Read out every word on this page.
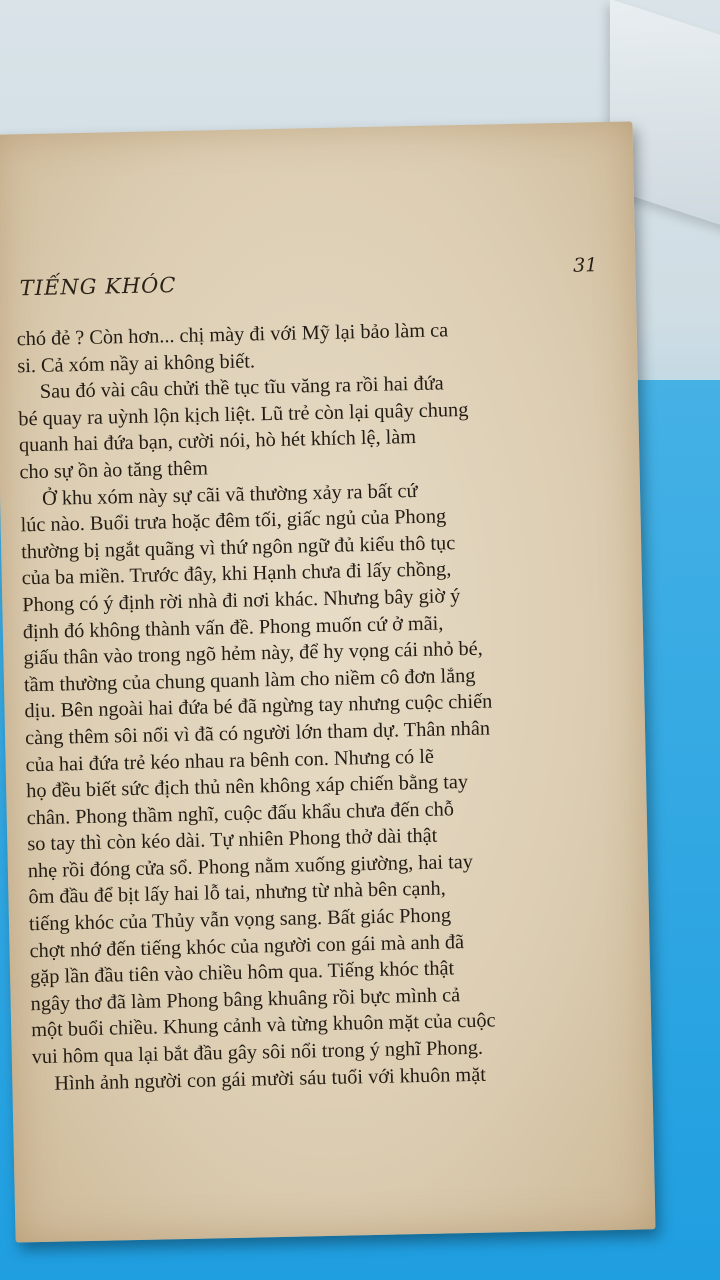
TIẾNG KHÓC
31
chó đẻ ? Còn hơn... chị mày đi với Mỹ lại bảo làm ca
si. Cả xóm nầy ai không biết.
Sau đó vài câu chửi thề tục tĩu văng ra rồi hai đứa
bé quay ra uỳnh lộn kịch liệt. Lũ trẻ còn lại quây chung
quanh hai đứa bạn, cười nói, hò hét khích lệ, làm
cho sự ồn ào tăng thêm
Ở khu xóm này sự cãi vã thường xảy ra bất cứ
lúc nào. Buổi trưa hoặc đêm tối, giấc ngủ của Phong
thường bị ngắt quãng vì thứ ngôn ngữ đủ kiểu thô tục
của ba miền. Trước đây, khi Hạnh chưa đi lấy chồng,
Phong có ý định rời nhà đi nơi khác. Nhưng bây giờ ý
định đó không thành vấn đề. Phong muốn cứ ở mãi,
giấu thân vào trong ngõ hẻm này, để hy vọng cái nhỏ bé,
tầm thường của chung quanh làm cho niềm cô đơn lắng
dịu. Bên ngoài hai đứa bé đã ngừng tay nhưng cuộc chiến
càng thêm sôi nổi vì đã có người lớn tham dự. Thân nhân
của hai đứa trẻ kéo nhau ra bênh con. Nhưng có lẽ
họ đều biết sức địch thủ nên không xáp chiến bằng tay
chân. Phong thầm nghĩ, cuộc đấu khẩu chưa đến chỗ
so tay thì còn kéo dài. Tự nhiên Phong thở dài thật
nhẹ rồi đóng cửa sổ. Phong nằm xuống giường, hai tay
ôm đầu để bịt lấy hai lỗ tai, nhưng từ nhà bên cạnh,
tiếng khóc của Thủy vẫn vọng sang. Bất giác Phong
chợt nhớ đến tiếng khóc của người con gái mà anh đã
gặp lần đầu tiên vào chiều hôm qua. Tiếng khóc thật
ngây thơ đã làm Phong bâng khuâng rồi bực mình cả
một buổi chiều. Khung cảnh và từng khuôn mặt của cuộc
vui hôm qua lại bắt đầu gây sôi nổi trong ý nghĩ Phong.
Hình ảnh người con gái mười sáu tuổi với khuôn mặt
